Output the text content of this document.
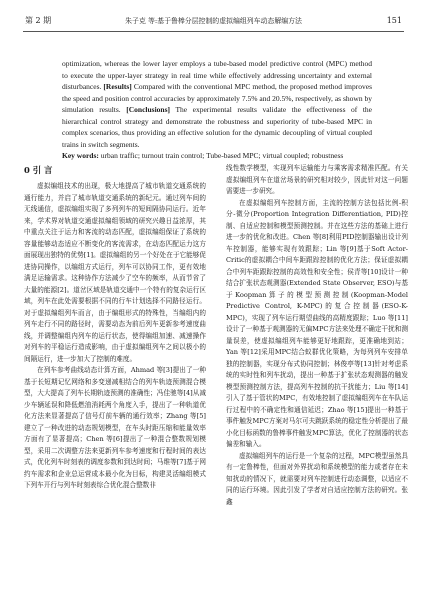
第 2 期	朱子克 等:基于鲁棒分层控制的虚拟编组列车动态解编方法	151
optimization, whereas the lower layer employs a tube-based model predictive control (MPC) method to execute the upper-layer strategy in real time while effectively addressing uncertainty and external disturbances. [Results] Compared with the conventional MPC method, the proposed method improves the speed and position control accuracies by approximately 7.5% and 20.5%, respectively, as shown by simulation results. [Conclusions] The experimental results validate the effectiveness of the hierarchical control strategy and demonstrate the robustness and superiority of tube-based MPC in complex scenarios, thus providing an effective solution for the dynamic decoupling of virtual coupled trains in switch segments.
Key words: urban traffic; turnout train control; Tube-based MPC; virtual coupled; robustness
0 引 言

虚拟编组技术的出现，极大地提高了城市轨道交通系统的通行能力，并启了城市轨道交通系统的新纪元。通过列车间的无线通信，虚拟编组实现了多列列车的短间隔协同运行。近年来，学术界对轨道交通虚拟编组领域的研究兴趣日益浓厚，其中重点关注于运力和客流的动态匹配，虚拟编组保证了系统的容量能够动态适应不断变化的客流需求，在动态匹配运力这方面展现出独特的优势[1]。虚拟编组的另一个好处在于它能够促进协同操作，以编组方式运行，列车可以协同工作，更有效地满足运输需求。这种协作方法减少了空车的频率，从而节省了大量的能源[2]。道岔区域是轨道交通中一个特有的复杂运行区域，列车在此处需要根据不同的行车计划选择不同路径运行。对于虚拟编组列车而言，由于编组形式的特殊性，当编组内的列车走行不同的路径时，需要动态为前后列车更新参考速度曲线，并调整编组内列车的运行状态，使得编组加速、减速操作对列车的平稳运行造成影响，由于虚拟编组列车之间以极小的间隔运行，进一步加大了控制的难度。

在列车参考曲线动态计算方面，Ahmad 等[3]提出了一种基于长短期记忆网络和多变递减相结合的列车轨迹预测混合模型，大大提高了列车长期轨迹预测的准确性；冯佳驰等[4]从减少车辆延误和降低燃油消耗两个角度入手，提出了一种轨道优化方法来显著提高了信号灯前车辆的通行效率；Zhang 等[5]建立了一种改进的动态规划模型，在车头时距压缩和能量效率方面有了显著提高；Chen 等[6]提出了一种混合整数规划模型，采用二次调整方法来更新列车参考速度和行程时间的表达式，优化列车时刻表的调度参数和到达时间；马维等[7]基于网约车需求和企业总运营成本最小化为目标，构建灵活编组模式下列车开行与列车时刻表综合优化混合整数非

线性数学模型，实现列车运输能力与乘客需求精准匹配。有关虚拟编组列车在道岔场景的研究相对较少，因此针对这一问题需要进一步研究。

在虚拟编组列车控制方面，主流的控制方法包括比例-积分-微分(Proportion Integration Differentiation, PID)控制、自适应控制和模型预测控制。并在这些方法的基础上进行进一步的优化和改进。Chen 等[8]利用PID控制器输出设计列车控制器，能够实现有效跟踪；Lin 等[9]基于Soft Actor-Critic的虚拟耦合中间车距跟踪控制的优化方法；保证虚拟耦合中列车距跟踪控制的高效性和安全性；侯青等[10]设计一种结合扩张状态观测器(Extended State Observer, ESO)与基于Koopman算子的模型预测控制(Koopman-Model Predictive Control, K-MPC)的复合控制器(ESO-K-MPC)，实现了列车运行期望曲线的高精度跟踪；Luo 等[11]设计了一种基于观测器的无偏MPC方法来处理不确定干扰和测量误差，使虚拟编组列车能够更好地跟踪，更准确地到站；Yan 等[12]采用MPC结合蚁群优化策略，为每列列车安排单独的控制器，实现分布式协同控制；林俊亭等[13]针对考虑系统的实时性和列车扰动，提出一种基于扩张状态观测器的触发模型预测控制方法，提高列车控制的抗干扰能力；Liu 等[14]引入了基于管状的MPC，有效地控制了虚拟编组列车在车队运行过程中的不确定性和通信延迟；Zhao 等[15]提出一种基于事件触发MPC方案对马尔可夫跳跃系统的稳定性分析提出了最小化目标函数的鲁棒事件触发MPC算法，优化了控制器的状态偏差和输入。

虚拟编组列车的运行是一个复杂的过程，MPC模型虽然具有一定鲁棒性，但面对外界扰动和系统模型的能力或者存在未知扰动的情况下，就需要对列车控制进行动态调整，以适应不同的运行环境。因此引发了学者对自适应控制方法的研究。张鑫
